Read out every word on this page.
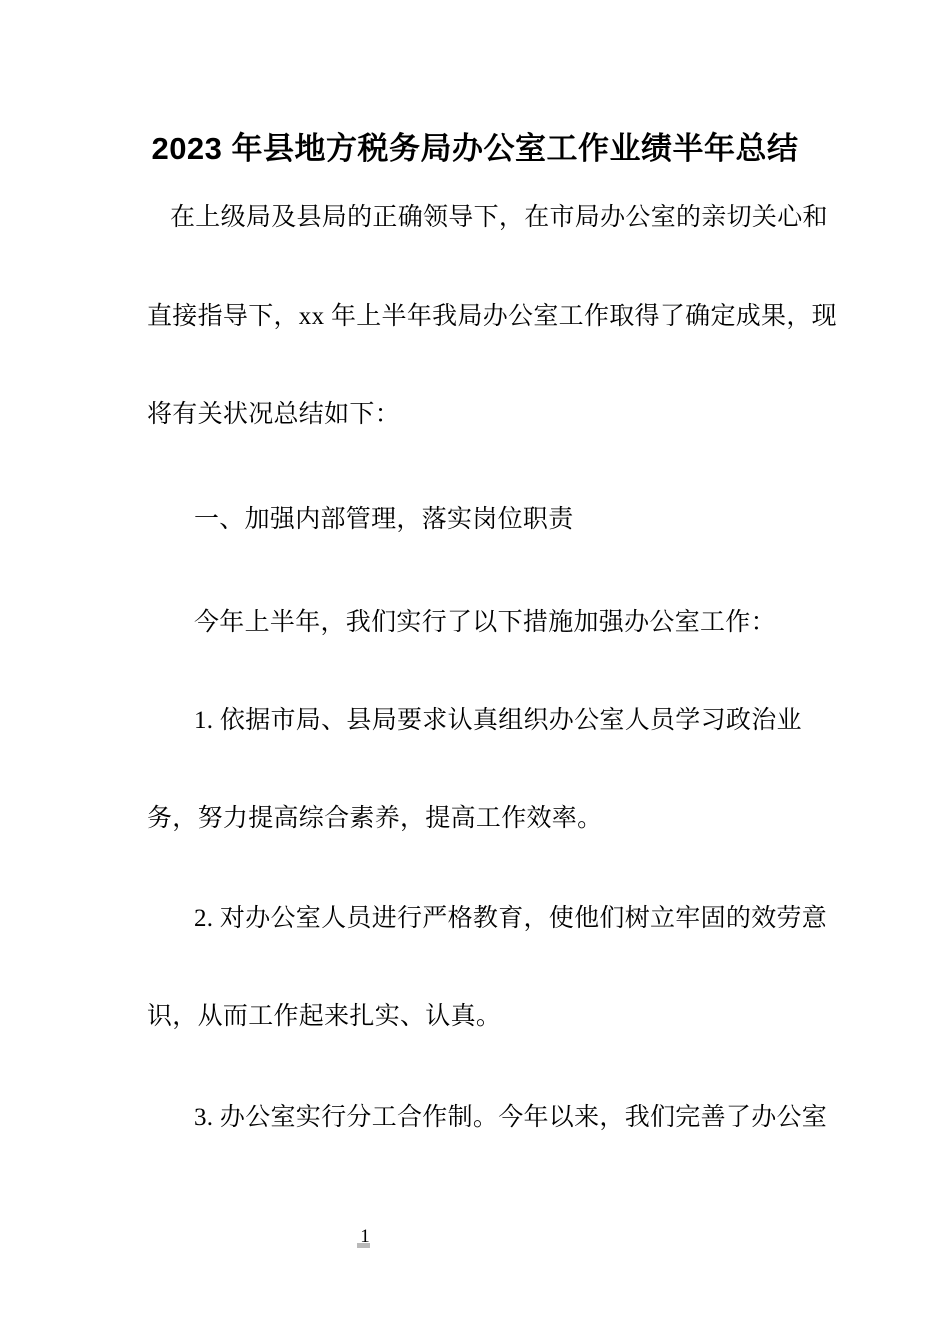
2023 年县地方税务局办公室工作业绩半年总结
在上级局及县局的正确领导下，在市局办公室的亲切关心和
直接指导下，xx 年上半年我局办公室工作取得了确定成果，现
将有关状况总结如下：
一、加强内部管理，落实岗位职责
今年上半年，我们实行了以下措施加强办公室工作：
1. 依据市局、县局要求认真组织办公室人员学习政治业
务，努力提高综合素养，提高工作效率。
2. 对办公室人员进行严格教育，使他们树立牢固的效劳意
识，从而工作起来扎实、认真。
3. 办公室实行分工合作制。今年以来，我们完善了办公室
1
